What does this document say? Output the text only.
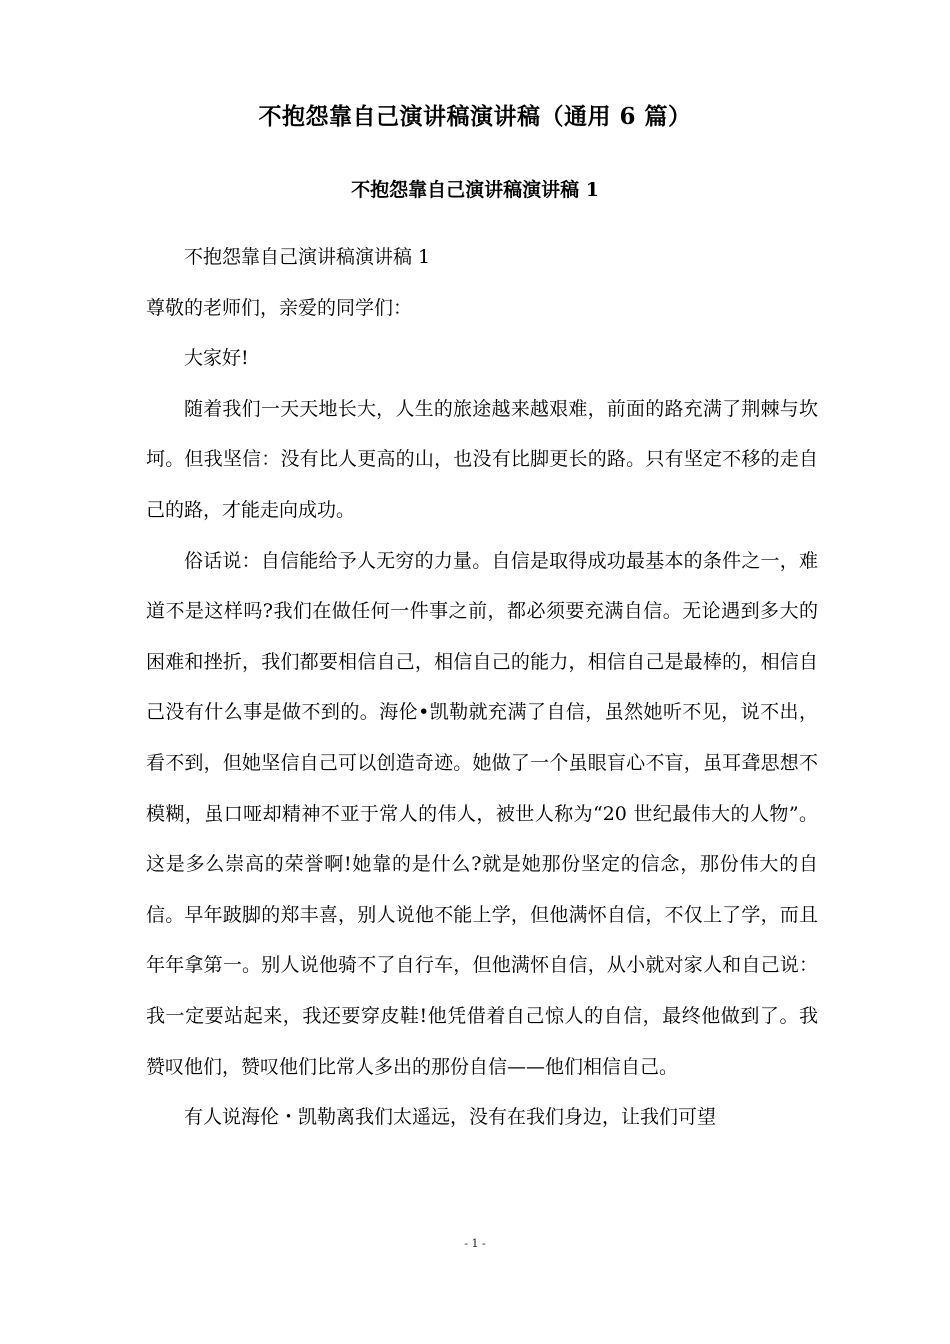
不抱怨靠自己演讲稿演讲稿（通用 6 篇）
不抱怨靠自己演讲稿演讲稿 1

不抱怨靠自己演讲稿演讲稿 1

尊敬的老师们，亲爱的同学们：

大家好!

随着我们一天天地长大，人生的旅途越来越艰难，前面的路充满了荆棘与坎坷。但我坚信：没有比人更高的山，也没有比脚更长的路。只有坚定不移的走自己的路，才能走向成功。

俗话说：自信能给予人无穷的力量。自信是取得成功最基本的条件之一，难道不是这样吗?我们在做任何一件事之前，都必须要充满自信。无论遇到多大的困难和挫折，我们都要相信自己，相信自己的能力，相信自己是最棒的，相信自己没有什么事是做不到的。海伦•凯勒就充满了自信，虽然她听不见，说不出，看不到，但她坚信自己可以创造奇迹。她做了一个虽眼盲心不盲，虽耳聋思想不模糊，虽口哑却精神不亚于常人的伟人，被世人称为“20 世纪最伟大的人物”。这是多么崇高的荣誉啊!她靠的是什么?就是她那份坚定的信念，那份伟大的自信。早年跛脚的郑丰喜，别人说他不能上学，但他满怀自信，不仅上了学，而且年年拿第一。别人说他骑不了自行车，但他满怀自信，从小就对家人和自己说：我一定要站起来，我还要穿皮鞋!他凭借着自己惊人的自信，最终他做到了。我赞叹他们，赞叹他们比常人多出的那份自信——他们相信自己。

有人说海伦・凯勒离我们太遥远，没有在我们身边，让我们可望

- 1 -
